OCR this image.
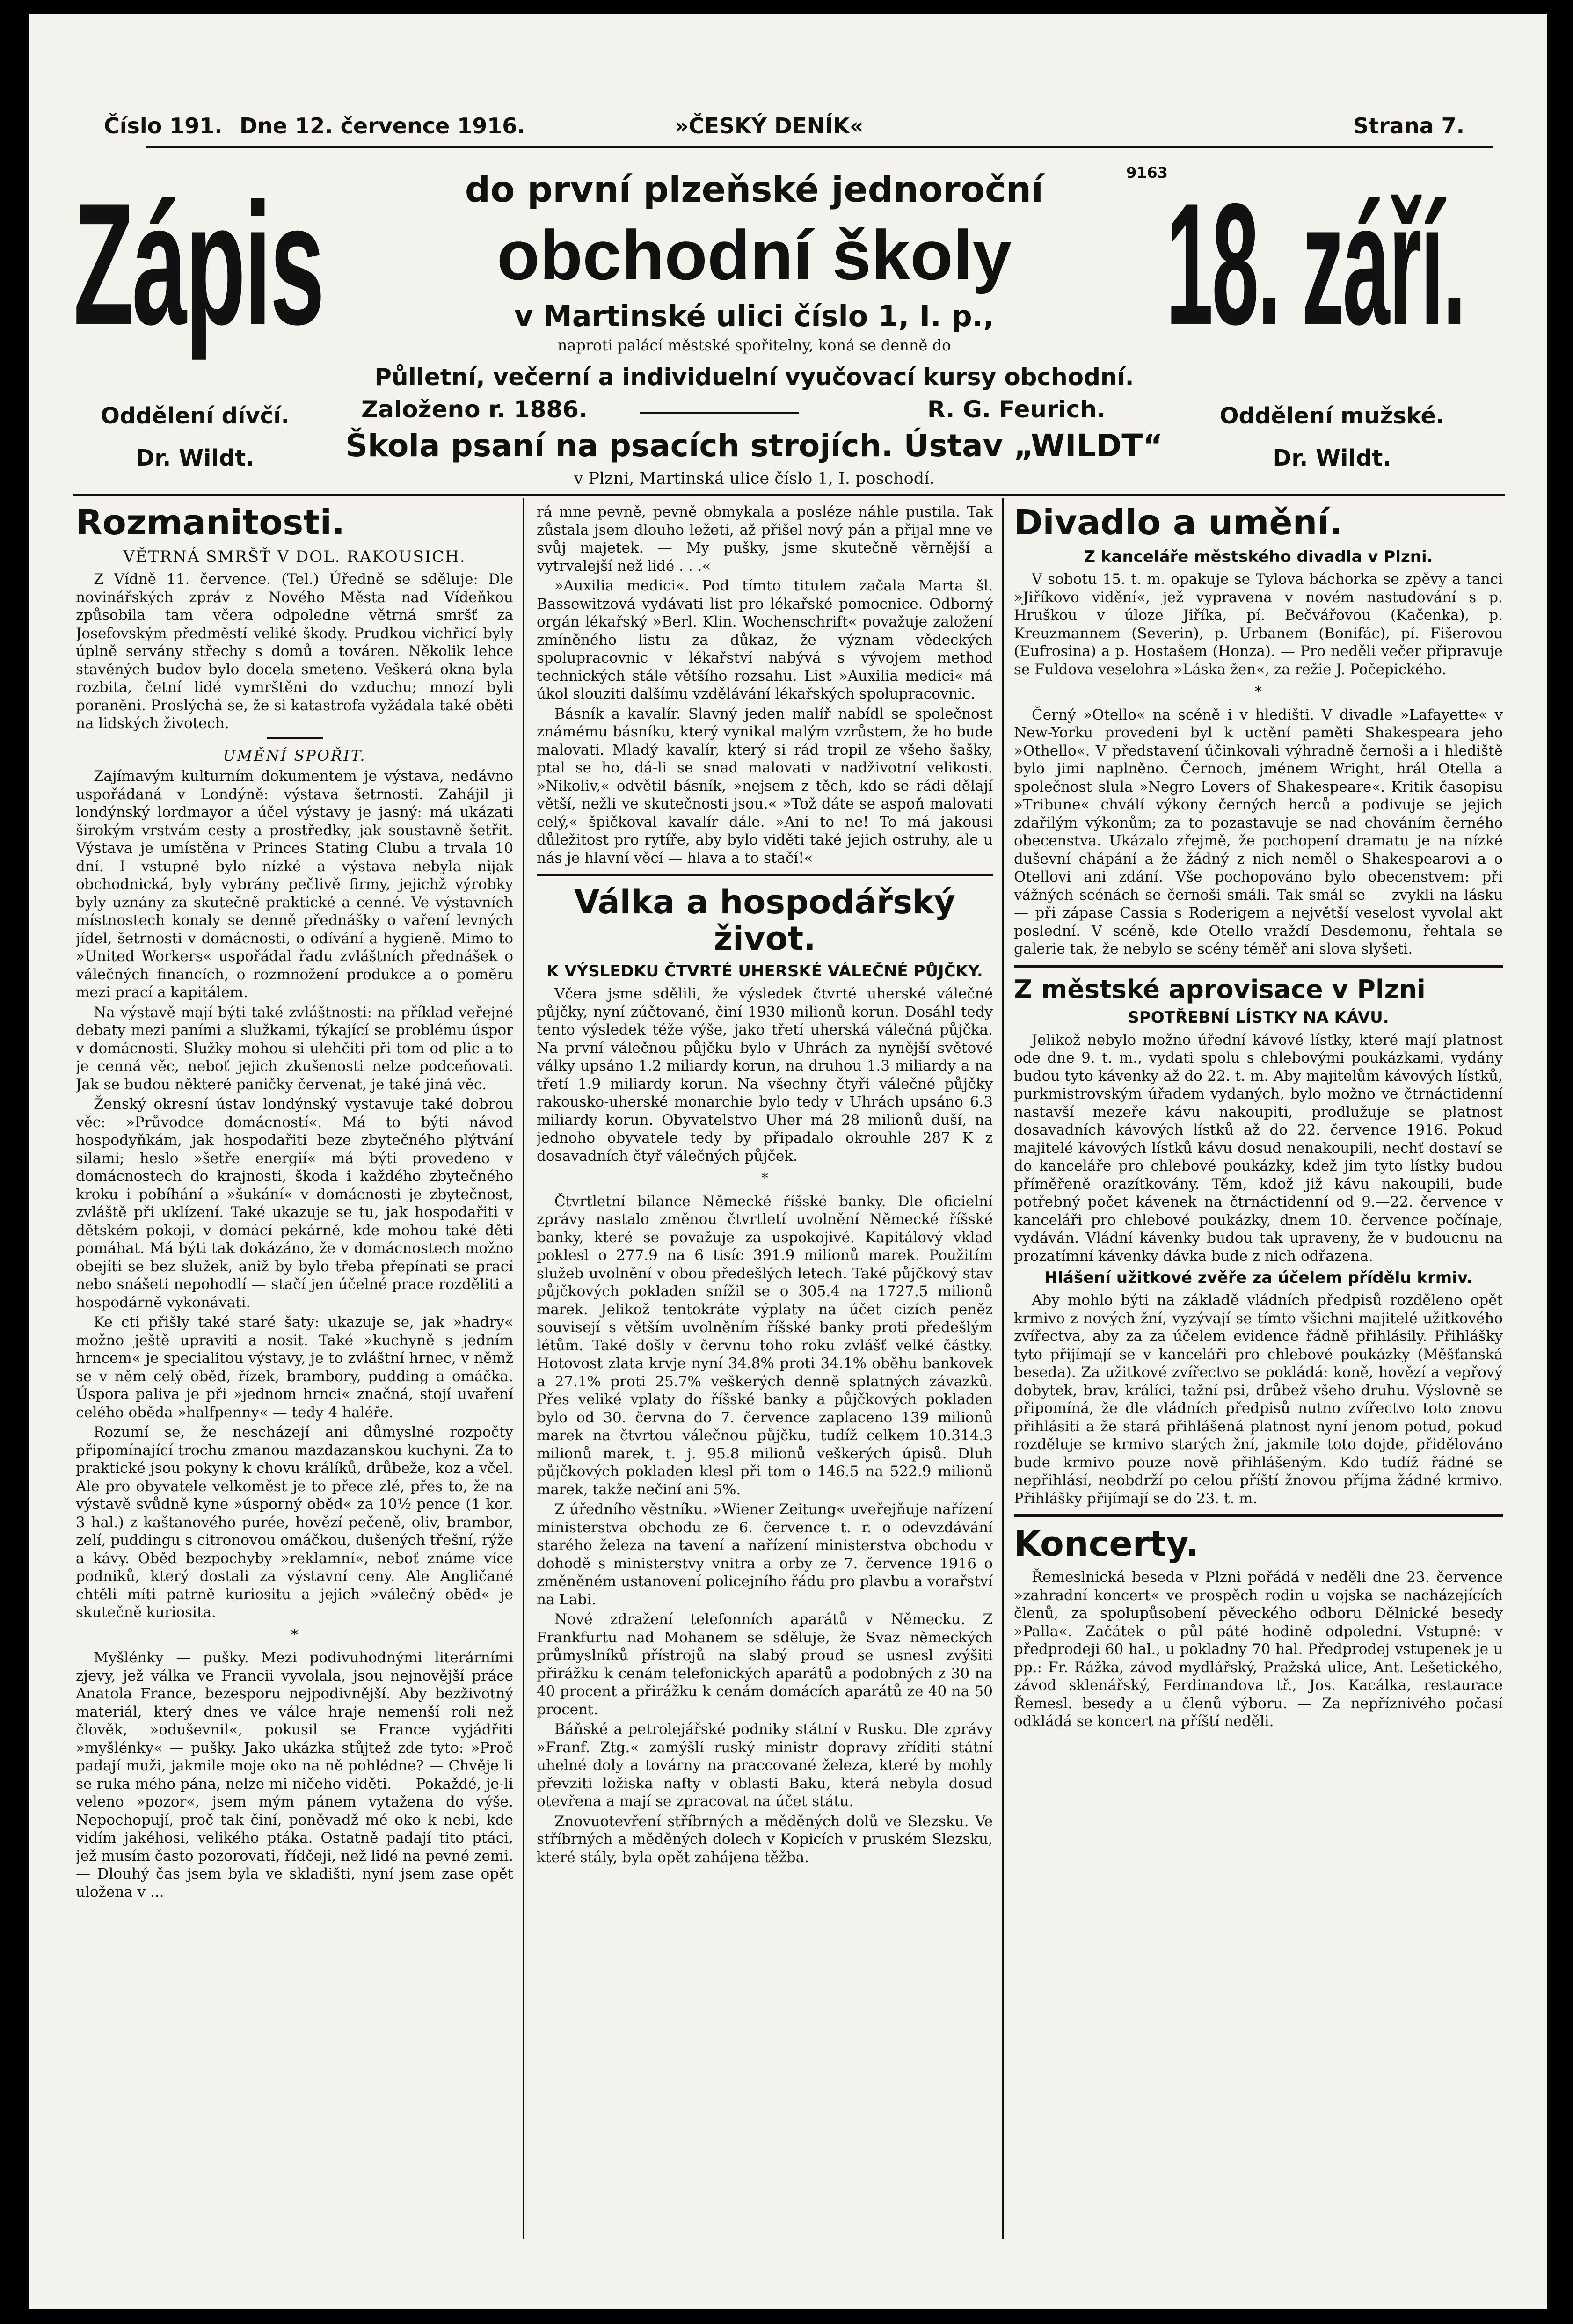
Číslo 191. Dne 12. července 1916.	»ČESKÝ DENÍK«	Strana 7.
Zápis	18. září.
do první plzeňské jednoroční	9163
obchodní školy
v Martinské ulici číslo 1, I. p.,
naproti palácí městské spořitelny, koná se denně do
Půlletní, večerní a individuelní vyučovací kursy obchodní.
Založeno r. 1886.	R. G. Feurich.
Škola psaní na psacích strojích. Ústav „WILDT“
v Plzni, Martinská ulice číslo 1, I. poschodí.
Oddělení dívčí.
Dr. Wildt.
Oddělení mužské.
Dr. Wildt.
Rozmanitosti.
VĚTRNÁ SMRŠŤ V DOL. RAKOUSICH.

Z Vídně 11. července. (Tel.) Úředně se sděluje: Dle novinářských zpráv z Nového Města nad Vídeňkou způsobila tam včera odpoledne větrná smršť za Josefovským předměstí veliké škody. Prudkou vichřicí byly úplně servány střechy s domů a továren. Několik lehce stavěných budov bylo docela smeteno. Veškerá okna byla rozbita, četní lidé vymrštěni do vzduchu; mnozí byli poraněni. Proslýchá se, že si katastrofa vyžádala také oběti na lidských životech.

UMĚNÍ SPOŘIT.

Zajímavým kulturním dokumentem je výstava, nedávno uspořádaná v Londýně: výstava šetrnosti. Zahájil ji londýnský lordmayor a účel výstavy je jasný: má ukázati širokým vrstvám cesty a prostředky, jak soustavně šetřit. Výstava je umístěna v Princes Stating Clubu a trvala 10 dní. I vstupné bylo nízké a výstava nebyla nijak obchodnická, byly vybrány pečlivě firmy, jejichž výrobky byly uznány za skutečně praktické a cenné. Ve výstavních místnostech konaly se denně přednášky o vaření levných jídel, šetrnosti v domácnosti, o odívání a hygieně. Mimo to »United Workers« uspořádal řadu zvláštních přednášek o válečných financích, o rozmnožení produkce a o poměru mezi prací a kapitálem.

Na výstavě mají býti také zvláštnosti: na příklad veřejné debaty mezi paními a služkami, týkající se problému úspor v domácnosti. Služky mohou si ulehčiti při tom od plic a to je cenná věc, neboť jejich zkušenosti nelze podceňovati. Jak se budou některé paničky červenat, je také jiná věc.

Ženský okresní ústav londýnský vystavuje také dobrou věc: »Průvodce domácností«. Má to býti návod hospodyňkám, jak hospodařiti beze zbytečného plýtvání silami; heslo »šetře energií« má býti provedeno v domácnostech do krajnosti, škoda i každého zbytečného kroku i pobíhání a »šukání« v domácnosti je zbytečnost, zvláště při uklízení. Také ukazuje se tu, jak hospodařiti v dětském pokoji, v domácí pekárně, kde mohou také děti pomáhat. Má býti tak dokázáno, že v domácnostech možno obejíti se bez služek, aniž by bylo třeba přepínati se prací nebo snášeti nepohodlí — stačí jen účelné prace rozděliti a hospodárně vykonávati.

Ke cti přišly také staré šaty: ukazuje se, jak »hadry« možno ještě upraviti a nosit. Také »kuchyně s jedním hrncem« je specialitou výstavy, je to zvláštní hrnec, v němž se v něm celý oběd, řízek, brambory, pudding a omáčka. Úspora paliva je při »jednom hrnci« značná, stojí uvaření celého oběda »halfpenny« — tedy 4 haléře.

Rozumí se, že nescházejí ani důmyslné rozpočty připomínající trochu zmanou mazdazanskou kuchyni. Za to praktické jsou pokyny k chovu králíků, drůbeže, koz a včel. Ale pro obyvatele velkoměst je to přece zlé, přes to, že na výstavě svůdně kyne »úsporný oběd« za 10½ pence (1 kor. 3 hal.) z kaštanového purée, hovězí pečeně, oliv, brambor, zelí, puddingu s citronovou omáčkou, dušených třešní, rýže a kávy. Oběd bezpochyby »reklamní«, neboť známe více podniků, který dostali za výstavní ceny. Ale Angličané chtěli míti patrně kuriositu a jejich »válečný oběd« je skutečně kuriosita.

*

Myšlénky — pušky. Mezi podivuhodnými literárními zjevy, jež válka ve Francii vyvolala, jsou nejnovější práce Anatola France, bezesporu nejpodivnější. Aby bezživotný materiál, který dnes ve válce hraje nemenší roli než člověk, »oduševnil«, pokusil se France vyjádřiti »myšlénky« — pušky. Jako ukázka stůjtež zde tyto: »Proč padají muži, jakmile moje oko na ně pohlédne? — Chvěje li se ruka mého pána, nelze mi ničeho viděti. — Pokaždé, je-li veleno »pozor«, jsem mým pánem vytažena do výše. Nepochopují, proč tak činí, poněvadž mé oko k nebi, kde vidím jakéhosi, velikého ptáka. Ostatně padají tito ptáci, jež musím často pozorovati, řídčeji, než lidé na pevné zemi. — Dlouhý čas jsem byla ve skladišti, nyní jsem zase opět uložena v ...

rá mne pevně, pevně obmykala a posléze náhle pustila. Tak zůstala jsem dlouho ležeti, až přišel nový pán a přijal mne ve svůj majetek. — My pušky, jsme skutečně věrnější a vytrvalejší než lidé . . .«

»Auxilia medici«. Pod tímto titulem začala Marta šl. Bassewitzová vydávati list pro lékařské pomocnice. Odborný orgán lékařský »Berl. Klin. Wochenschrift« považuje založení zmíněného listu za důkaz, že význam vědeckých spolupracovnic v lékařství nabývá s vývojem method technických stále většího rozsahu. List »Auxilia medici« má úkol slouziti dalšímu vzdělávání lékařských spolupracovnic.

Básník a kavalír. Slavný jeden malíř nabídl se společnost známému básníku, který vynikal malým vzrůstem, že ho bude malovati. Mladý kavalír, který si rád tropil ze všeho šašky, ptal se ho, dá-li se snad malovati v nadživotní velikosti. »Nikoliv,« odvětil básník, »nejsem z těch, kdo se rádi dělají větší, nežli ve skutečnosti jsou.« »Tož dáte se aspoň malovati celý,« špičkoval kavalír dále. »Ani to ne! To má jakousi důležitost pro rytíře, aby bylo viděti také jejich ostruhy, ale u nás je hlavní věcí — hlava a to stačí!«

Válka a hospodářský život.
K VÝSLEDKU ČTVRTÉ UHERSKÉ VÁLEČNÉ PŮJČKY.

Včera jsme sdělili, že výsledek čtvrté uherské válečné půjčky, nyní zúčtované, činí 1930 milionů korun. Dosáhl tedy tento výsledek téže výše, jako třetí uherská válečná půjčka. Na první válečnou půjčku bylo v Uhrách za nynější světové války upsáno 1.2 miliardy korun, na druhou 1.3 miliardy a na třetí 1.9 miliardy korun. Na všechny čtyři válečné půjčky rakousko-uherské monarchie bylo tedy v Uhrách upsáno 6.3 miliardy korun. Obyvatelstvo Uher má 28 milionů duší, na jednoho obyvatele tedy by připadalo okrouhle 287 K z dosavadních čtyř válečných půjček.

*

Čtvrtletní bilance Německé říšské banky. Dle oficielní zprávy nastalo změnou čtvrtletí uvolnění Německé říšské banky, které se považuje za uspokojivé. Kapitálový vklad poklesl o 277.9 na 6 tisíc 391.9 milionů marek. Použitím služeb uvolnění v obou předešlých letech. Také půjčkový stav půjčkových pokladen snížil se o 305.4 na 1727.5 milionů marek. Jelikož tentokráte výplaty na účet cizích peněz souvisejí s větším uvolněním říšské banky proti předešlým létům. Také došly v červnu toho roku zvlášť velké částky. Hotovost zlata krvje nyní 34.8% proti 34.1% oběhu bankovek a 27.1% proti 25.7% veškerých denně splatných závazků. Přes veliké vplaty do říšské banky a půjčkových pokladen bylo od 30. června do 7. července zaplaceno 139 milionů marek na čtvrtou válečnou půjčku, tudíž celkem 10.314.3 milionů marek, t. j. 95.8 milionů veškerých úpisů. Dluh půjčkových pokladen klesl při tom o 146.5 na 522.9 milionů marek, takže nečiní ani 5%.

Z úředního věstníku. »Wiener Zeitung« uveřejňuje nařízení ministerstva obchodu ze 6. července t. r. o odevzdávání starého železa na tavení a nařízení ministerstva obchodu v dohodě s ministerstvy vnitra a orby ze 7. července 1916 o změněném ustanovení policejního řádu pro plavbu a vorařství na Labi.

Nové zdražení telefonních aparátů v Německu. Z Frankfurtu nad Mohanem se sděluje, že Svaz německých průmyslníků přístrojů na slabý proud se usnesl zvýšiti přirážku k cenám telefonických aparátů a podobných z 30 na 40 procent a přirážku k cenám domácích aparátů ze 40 na 50 procent.

Báňské a petrolejářské podniky státní v Rusku. Dle zprávy »Franf. Ztg.« zamýšlí ruský ministr dopravy zříditi státní uhelné doly a továrny na praccované železa, které by mohly převziti ložiska nafty v oblasti Baku, která nebyla dosud otevřena a mají se zpracovat na účet státu.

Znovuotevření stříbrných a měděných dolů ve Slezsku. Ve stříbrných a měděných dolech v Kopicích v pruském Slezsku, které stály, byla opět zahájena těžba.

Divadlo a umění.
Z kanceláře městského divadla v Plzni.

V sobotu 15. t. m. opakuje se Tylova báchorka se zpěvy a tanci »Jiříkovo vidění«, jež vypravena v novém nastudování s p. Hruškou v úloze Jiříka, pí. Bečvářovou (Kačenka), p. Kreuzmannem (Severin), p. Urbanem (Bonifác), pí. Fišerovou (Eufrosina) a p. Hostašem (Honza). — Pro neděli večer připravuje se Fuldova veselohra »Láska žen«, za režie J. Počepického.

*

Černý »Otello« na scéně i v hledišti. V divadle »Lafayette« v New-Yorku provedeni byl k uctění paměti Shakespeara jeho »Othello«. V představení účinkovali výhradně černoši a i hlediště bylo jimi naplněno. Černoch, jménem Wright, hrál Otella a společnost slula »Negro Lovers of Shakespeare«. Kritik časopisu »Tribune« chválí výkony černých herců a podivuje se jejich zdařilým výkonům; za to pozastavuje se nad chováním černého obecenstva. Ukázalo zřejmě, že pochopení dramatu je na nízké duševní chápání a že žádný z nich neměl o Shakespearovi a o Otellovi ani zdání. Vše pochopováno bylo obecenstvem: při vážných scénách se černoši smáli. Tak smál se — zvykli na lásku — při zápase Cassia s Roderigem a největší veselost vyvolal akt poslední. V scéně, kde Otello vraždí Desdemonu, řehtala se galerie tak, že nebylo se scény téměř ani slova slyšeti.

Z městské aprovisace v Plzni
SPOTŘEBNÍ LÍSTKY NA KÁVU.

Jelikož nebylo možno úřední kávové lístky, které mají platnost ode dne 9. t. m., vydati spolu s chlebovými poukázkami, vydány budou tyto kávenky až do 22. t. m. Aby majitelům kávových lístků, purkmistrovským úřadem vydaných, bylo možno ve čtrnáctidenní nastavší mezeře kávu nakoupiti, prodlužuje se platnost dosavadních kávových lístků až do 22. července 1916. Pokud majitelé kávových lístků kávu dosud nenakoupili, nechť dostaví se do kanceláře pro chlebové poukázky, kdež jim tyto lístky budou příměřeně orazítkovány. Těm, kdož již kávu nakoupili, bude potřebný počet kávenek na čtrnáctidenní od 9.—22. července v kanceláři pro chlebové poukázky, dnem 10. července počínaje, vydáván. Vládní kávenky budou tak upraveny, že v budoucnu na prozatímní kávenky dávka bude z nich odřazena.

Hlášení užitkové zvěře za účelem přídělu krmiv.

Aby mohlo býti na základě vládních předpisů rozděleno opět krmivo z nových žní, vyzývají se tímto všichni majitelé užitkového zvířectva, aby za za účelem evidence řádně přihlásily. Přihlášky tyto přijímají se v kanceláři pro chlebové poukázky (Měšťanská beseda). Za užitkové zvířectvo se pokládá: koně, hovězí a vepřový dobytek, brav, králíci, tažní psi, drůbež všeho druhu. Výslovně se připomíná, že dle vládních předpisů nutno zvířectvo toto znovu přihlásiti a že stará přihlášená platnost nyní jenom potud, pokud rozděluje se krmivo starých žní, jakmile toto dojde, přidělováno bude krmivo pouze nově přihlášeným. Kdo tudíž řádné se nepřihlásí, neobdrží po celou příští žnovou příjma žádné krmivo. Přihlášky přijímají se do 23. t. m.

Koncerty.

Řemeslnická beseda v Plzni pořádá v neděli dne 23. července »zahradní koncert« ve prospěch rodin u vojska se nacházejících členů, za spolupůsobení pěveckého odboru Dělnické besedy »Palla«. Začátek o půl páté hodině odpolední. Vstupné: v předprodeji 60 hal., u pokladny 70 hal. Předprodej vstupenek je u pp.: Fr. Rážka, závod mydlářský, Pražská ulice, Ant. Lešetického, závod sklenářský, Ferdinandova tř., Jos. Kacálka, restaurace Řemesl. besedy a u členů výboru. — Za nepříznivého počasí odkládá se koncert na příští neděli.
